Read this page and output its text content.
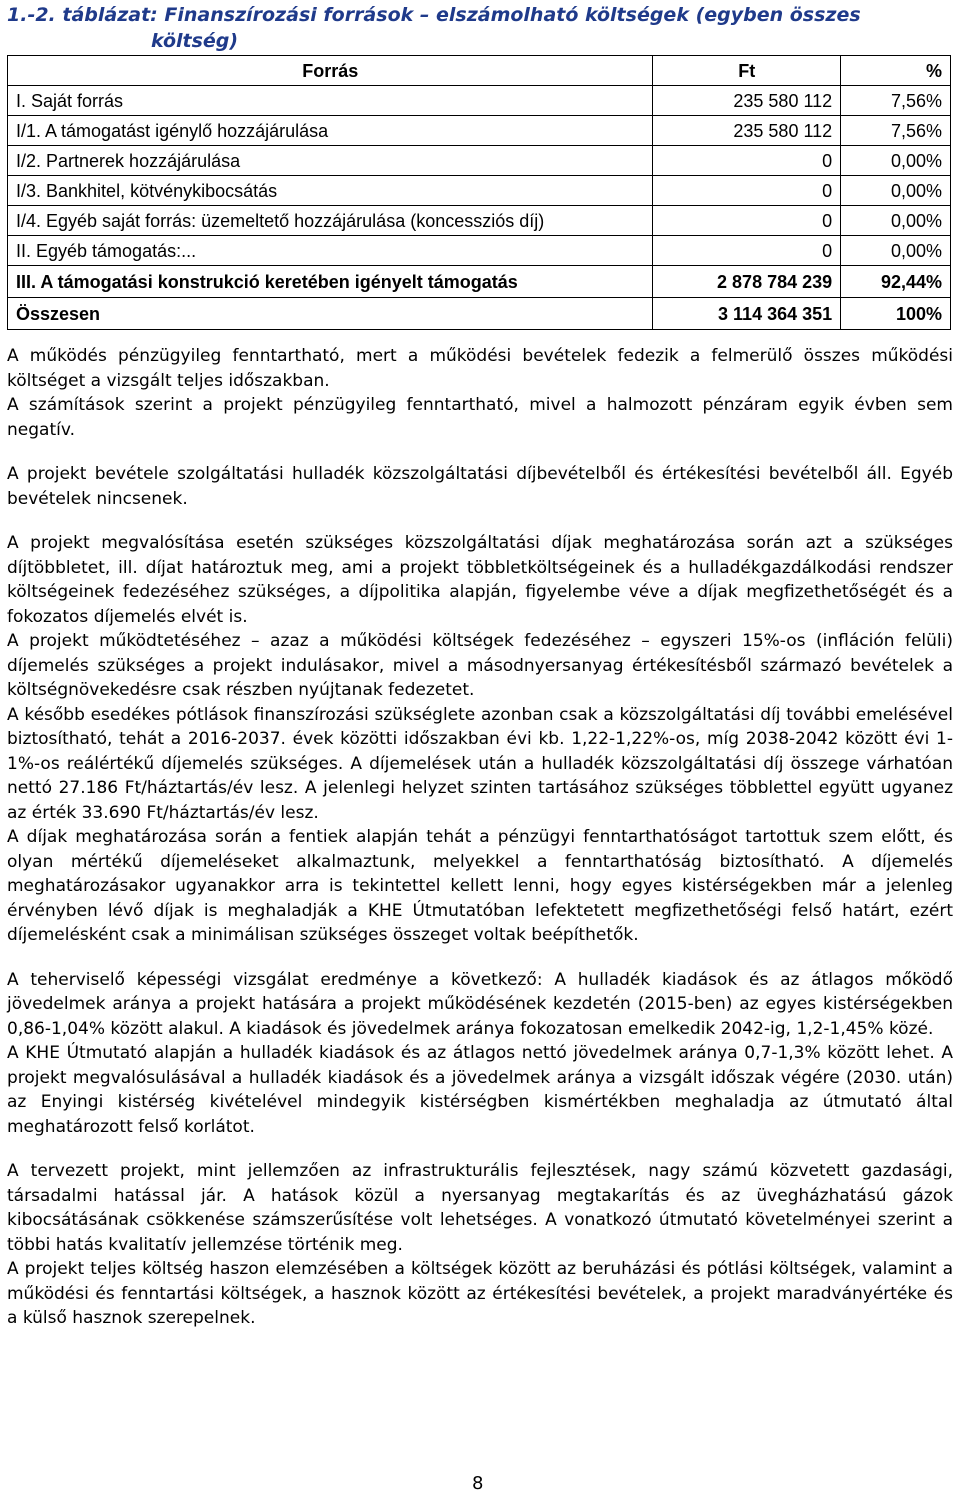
1.-2. táblázat: Finanszírozási források – elszámolható költségek (egyben összes
költség)
Forrás	Ft	%
I. Saját forrás	235 580 112	7,56%
I/1. A támogatást igénylő hozzájárulása	235 580 112	7,56%
I/2. Partnerek hozzájárulása	0	0,00%
I/3. Bankhitel, kötvénykibocsátás	0	0,00%
I/4. Egyéb saját forrás: üzemeltető hozzájárulása (koncessziós díj)	0	0,00%
II. Egyéb támogatás:...	0	0,00%
III. A támogatási konstrukció keretében igényelt támogatás	2 878 784 239	92,44%
Összesen	3 114 364 351	100%

A működés pénzügyileg fenntartható, mert a működési bevételek fedezik a felmerülő összes működési költséget a vizsgált teljes időszakban.

A számítások szerint a projekt pénzügyileg fenntartható, mivel a halmozott pénzáram egyik évben sem negatív.

A projekt bevétele szolgáltatási hulladék közszolgáltatási díjbevételből és értékesítési bevételből áll. Egyéb bevételek nincsenek.

A projekt megvalósítása esetén szükséges közszolgáltatási díjak meghatározása során azt a szükséges díjtöbbletet, ill. díjat határoztuk meg, ami a projekt többletköltségeinek és a hulladékgazdálkodási rendszer költségeinek fedezéséhez szükséges, a díjpolitika alapján, figyelembe véve a díjak megfizethetőségét és a fokozatos díjemelés elvét is.

A projekt működtetéséhez – azaz a működési költségek fedezéséhez – egyszeri 15%-os (infláción felüli) díjemelés szükséges a projekt indulásakor, mivel a másodnyersanyag értékesítésből származó bevételek a költségnövekedésre csak részben nyújtanak fedezetet.

A később esedékes pótlások finanszírozási szükséglete azonban csak a közszolgáltatási díj további emelésével biztosítható, tehát a 2016-2037. évek közötti időszakban évi kb. 1,22-1,22%-os, míg 2038-2042 között évi 1-1%-os reálértékű díjemelés szükséges. A díjemelések után a hulladék közszolgáltatási díj összege várhatóan nettó 27.186 Ft/háztartás/év lesz. A jelenlegi helyzet szinten tartásához szükséges többlettel együtt ugyanez az érték 33.690 Ft/háztartás/év lesz.

A díjak meghatározása során a fentiek alapján tehát a pénzügyi fenntarthatóságot tartottuk szem előtt, és olyan mértékű díjemeléseket alkalmaztunk, melyekkel a fenntarthatóság biztosítható. A díjemelés meghatározásakor ugyanakkor arra is tekintettel kellett lenni, hogy egyes kistérségekben már a jelenleg érvényben lévő díjak is meghaladják a KHE Útmutatóban lefektetett megfizethetőségi felső határt, ezért díjemelésként csak a minimálisan szükséges összeget voltak beépíthetők.

A teherviselő képességi vizsgálat eredménye a következő: A hulladék kiadások és az átlagos mőködő jövedelmek aránya a projekt hatására a projekt működésének kezdetén (2015-ben) az egyes kistérségekben 0,86-1,04% között alakul. A kiadások és jövedelmek aránya fokozatosan emelkedik 2042-ig, 1,2-1,45% közé.

A KHE Útmutató alapján a hulladék kiadások és az átlagos nettó jövedelmek aránya 0,7-1,3% között lehet. A projekt megvalósulásával a hulladék kiadások és a jövedelmek aránya a vizsgált időszak végére (2030. után) az Enyingi kistérség kivételével mindegyik kistérségben kismértékben meghaladja az útmutató által meghatározott felső korlátot.

A tervezett projekt, mint jellemzően az infrastrukturális fejlesztések, nagy számú közvetett gazdasági, társadalmi hatással jár. A hatások közül a nyersanyag megtakarítás és az üvegházhatású gázok kibocsátásának csökkenése számszerűsítése volt lehetséges. A vonatkozó útmutató követelményei szerint a többi hatás kvalitatív jellemzése történik meg.

A projekt teljes költség haszon elemzésében a költségek között az beruházási és pótlási költségek, valamint a működési és fenntartási költségek, a hasznok között az értékesítési bevételek, a projekt maradványértéke és a külső hasznok szerepelnek.

8
